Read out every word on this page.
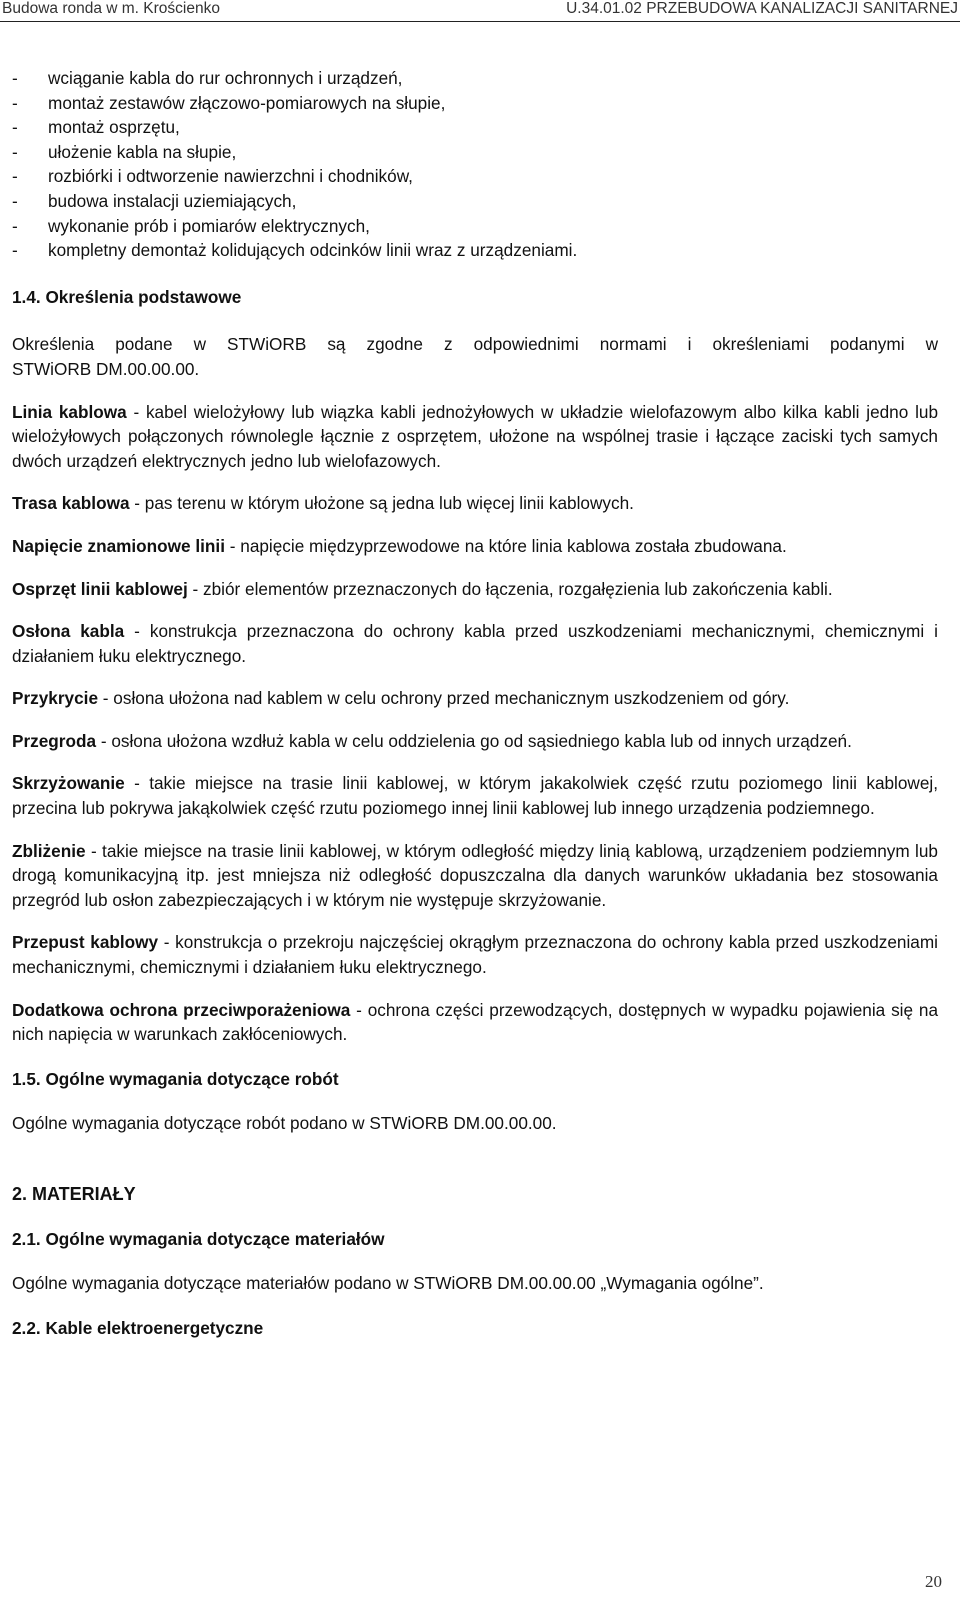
Budowa ronda w m. Krościenko	U.34.01.02 PRZEBUDOWA KANALIZACJI SANITARNEJ
- wciąganie kabla do rur ochronnych i urządzeń,
- montaż zestawów złączowo-pomiarowych na słupie,
- montaż osprzętu,
- ułożenie kabla na słupie,
- rozbiórki i odtworzenie nawierzchni i chodników,
- budowa instalacji uziemiających,
- wykonanie prób i pomiarów elektrycznych,
- kompletny demontaż kolidujących odcinków linii wraz z urządzeniami.

1.4. Określenia podstawowe

Określenia podane w STWiORB są zgodne z odpowiednimi normami i określeniami podanymi w

STWiORB DM.00.00.00.

Linia kablowa - kabel wielożyłowy lub wiązka kabli jednożyłowych w układzie wielofazowym albo kilka kabli jedno lub wielożyłowych połączonych równolegle łącznie z osprzętem, ułożone na wspólnej trasie i łączące zaciski tych samych dwóch urządzeń elektrycznych jedno lub wielofazowych.

Trasa kablowa - pas terenu w którym ułożone są jedna lub więcej linii kablowych.

Napięcie znamionowe linii - napięcie międzyprzewodowe na które linia kablowa została zbudowana.

Osprzęt linii kablowej - zbiór elementów przeznaczonych do łączenia, rozgałęzienia lub zakończenia kabli.

Osłona kabla - konstrukcja przeznaczona do ochrony kabla przed uszkodzeniami mechanicznymi, chemicznymi i działaniem łuku elektrycznego.

Przykrycie - osłona ułożona nad kablem w celu ochrony przed mechanicznym uszkodzeniem od góry.

Przegroda - osłona ułożona wzdłuż kabla w celu oddzielenia go od sąsiedniego kabla lub od innych urządzeń.

Skrzyżowanie - takie miejsce na trasie linii kablowej, w którym jakakolwiek część rzutu poziomego linii kablowej, przecina lub pokrywa jakąkolwiek część rzutu poziomego innej linii kablowej lub innego urządzenia podziemnego.

Zbliżenie - takie miejsce na trasie linii kablowej, w którym odległość między linią kablową, urządzeniem podziemnym lub drogą komunikacyjną itp. jest mniejsza niż odległość dopuszczalna dla danych warunków układania bez stosowania przegród lub osłon zabezpieczających i w którym nie występuje skrzyżowanie.

Przepust kablowy - konstrukcja o przekroju najczęściej okrągłym przeznaczona do ochrony kabla przed uszkodzeniami mechanicznymi, chemicznymi i działaniem łuku elektrycznego.

Dodatkowa ochrona przeciwporażeniowa - ochrona części przewodzących, dostępnych w wypadku pojawienia się na nich napięcia w warunkach zakłóceniowych.

1.5. Ogólne wymagania dotyczące robót

Ogólne wymagania dotyczące robót podano w STWiORB DM.00.00.00.

2. MATERIAŁY

2.1. Ogólne wymagania dotyczące materiałów

Ogólne wymagania dotyczące materiałów podano w STWiORB DM.00.00.00 „Wymagania ogólne”.

2.2. Kable elektroenergetyczne

20
